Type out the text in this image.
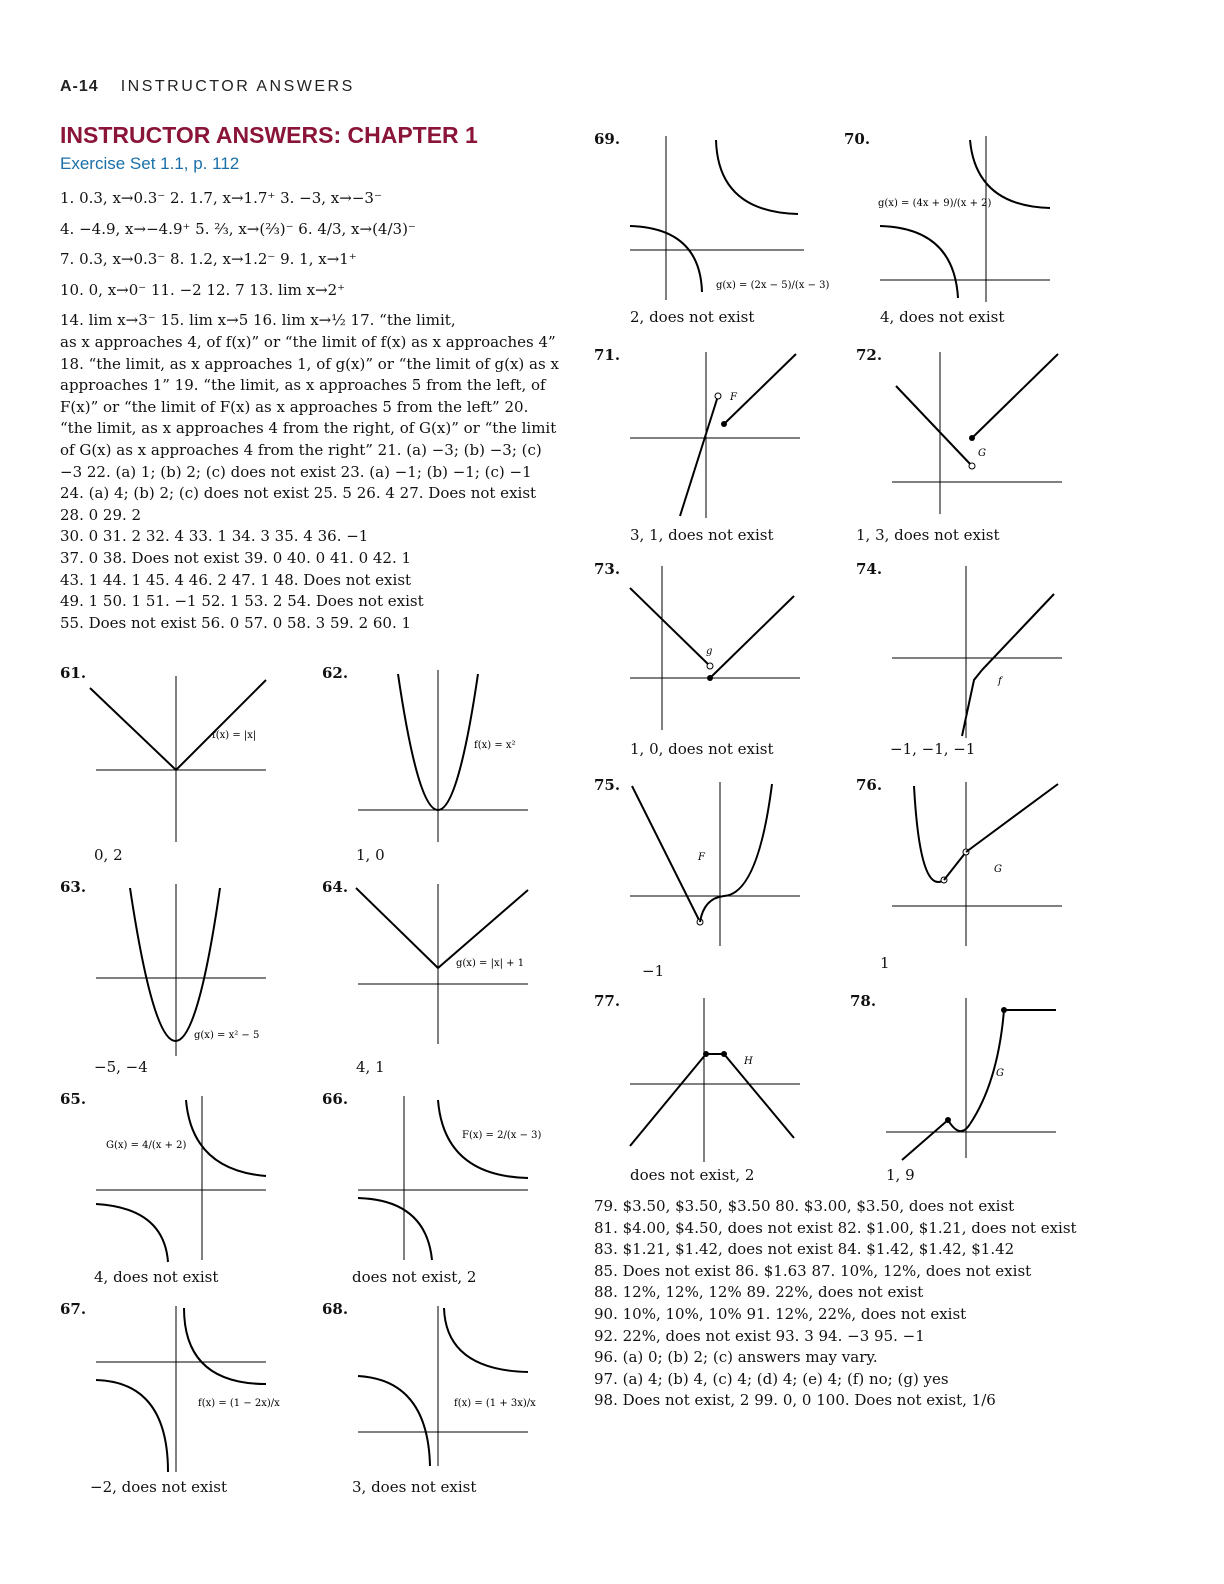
A-14 INSTRUCTOR ANSWERS
INSTRUCTOR ANSWERS: CHAPTER 1
Exercise Set 1.1, p. 112

1. 0.3, x→0.3⁻ 2. 1.7, x→1.7⁺ 3. −3, x→−3⁻

4. −4.9, x→−4.9⁺ 5. ⅔, x→(⅔)⁻ 6. 4/3, x→(4/3)⁻

7. 0.3, x→0.3⁻ 8. 1.2, x→1.2⁻ 9. 1, x→1⁺

10. 0, x→0⁻ 11. −2 12. 7 13. lim x→2⁺

14. lim x→3⁻ 15. lim x→5 16. lim x→½ 17. “the limit,

as x approaches 4, of f(x)” or “the limit of f(x) as x approaches 4” 18. “the limit, as x approaches 1, of g(x)” or “the limit of g(x) as x approaches 1” 19. “the limit, as x approaches 5 from the left, of F(x)” or “the limit of F(x) as x approaches 5 from the left” 20. “the limit, as x approaches 4 from the right, of G(x)” or “the limit of G(x) as x approaches 4 from the right” 21. (a) −3; (b) −3; (c) −3 22. (a) 1; (b) 2; (c) does not exist 23. (a) −1; (b) −1; (c) −1 24. (a) 4; (b) 2; (c) does not exist 25. 5 26. 4 27. Does not exist 28. 0 29. 2

30. 0 31. 2 32. 4 33. 1 34. 3 35. 4 36. −1

37. 0 38. Does not exist 39. 0 40. 0 41. 0 42. 1

43. 1 44. 1 45. 4 46. 2 47. 1 48. Does not exist

49. 1 50. 1 51. −1 52. 1 53. 2 54. Does not exist

55. Does not exist 56. 0 57. 0 58. 3 59. 2 60. 1

61.
f(x) = |x|
0, 2
62.
f(x) = x²
1, 0
63.
g(x) = x² − 5
−5, −4
64.
g(x) = |x| + 1
4, 1
65.
G(x) = 4/(x + 2)
4, does not exist
66.
F(x) = 2/(x − 3)
does not exist, 2
67.
f(x) = (1 − 2x)/x
−2, does not exist
68.
f(x) = (1 + 3x)/x
3, does not exist
69.
g(x) = (2x − 5)/(x − 3)
2, does not exist
70.
g(x) = (4x + 9)/(x + 2)
4, does not exist
71.
F
3, 1, does not exist
72.
G
1, 3, does not exist
73.
g
1, 0, does not exist
74.
f
−1, −1, −1
75.
F
−1
76.
G
1
77.
H
does not exist, 2
78.
G
1, 9
79. $3.50, $3.50, $3.50 80. $3.00, $3.50, does not exist
81. $4.00, $4.50, does not exist 82. $1.00, $1.21, does not exist
83. $1.21, $1.42, does not exist 84. $1.42, $1.42, $1.42
85. Does not exist 86. $1.63 87. 10%, 12%, does not exist
88. 12%, 12%, 12% 89. 22%, does not exist
90. 10%, 10%, 10% 91. 12%, 22%, does not exist
92. 22%, does not exist 93. 3 94. −3 95. −1
96. (a) 0; (b) 2; (c) answers may vary.
97. (a) 4; (b) 4, (c) 4; (d) 4; (e) 4; (f) no; (g) yes
98. Does not exist, 2 99. 0, 0 100. Does not exist, 1/6
